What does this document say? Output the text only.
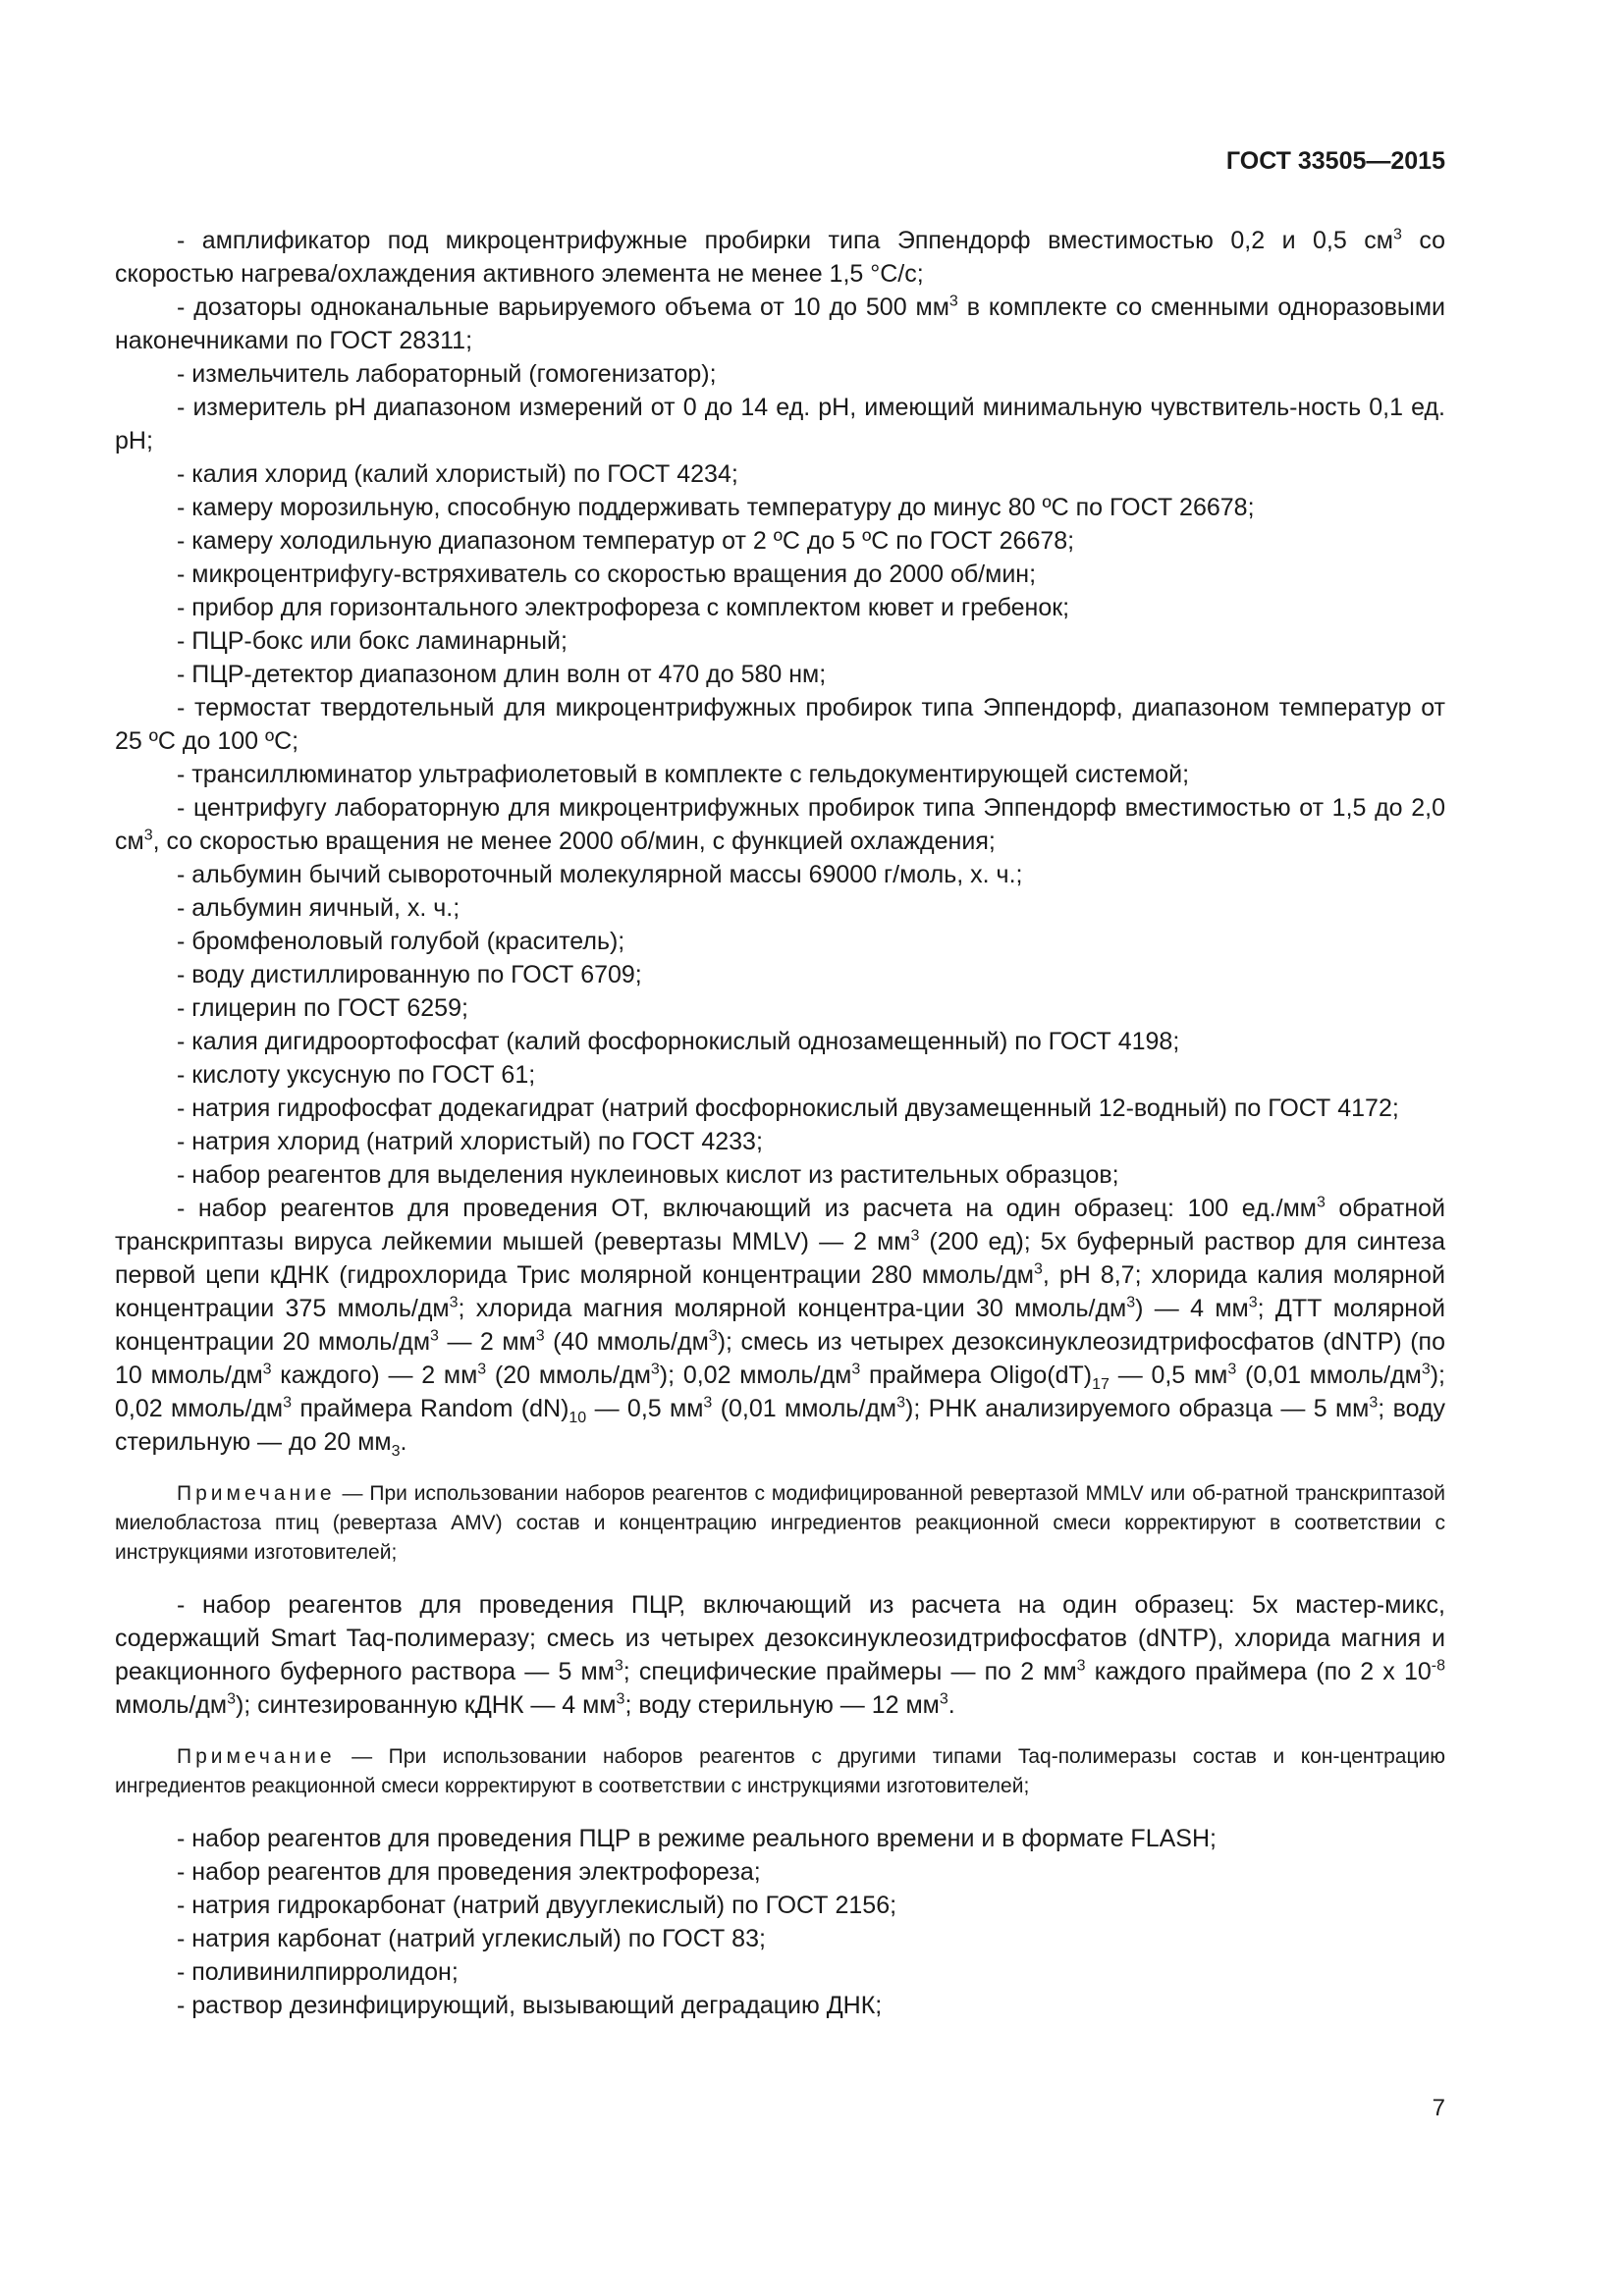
ГОСТ 33505—2015

- амплификатор под микроцентрифужные пробирки типа Эппендорф вместимостью 0,2 и 0,5 $см^3$ со скоростью нагрева/охлаждения активного элемента не менее 1,5 °С/с;

- дозаторы одноканальные варьируемого объема от 10 до 500 $мм^3$ в комплекте со сменными одноразовыми наконечниками по ГОСТ 28311;

- измельчитель лабораторный (гомогенизатор);

- измеритель рН диапазоном измерений от 0 до 14 ед. рН, имеющий минимальную чувствитель-ность 0,1 ед. рН;

- калия хлорид (калий хлористый) по ГОСТ 4234;

- камеру морозильную, способную поддерживать температуру до минус 80 ºС по ГОСТ 26678;

- камеру холодильную диапазоном температур от 2 ºС до 5 ºС по ГОСТ 26678;

- микроцентрифугу-встряхиватель со скоростью вращения до 2000 об/мин;

- прибор для горизонтального электрофореза с комплектом кювет и гребенок;

- ПЦР-бокс или бокс ламинарный;

- ПЦР-детектор диапазоном длин волн от 470 до 580 нм;

- термостат твердотельный для микроцентрифужных пробирок типа Эппендорф, диапазоном температур от 25 ºС до 100 ºС;

- трансиллюминатор ультрафиолетовый в комплекте с гельдокументирующей системой;

- центрифугу лабораторную для микроцентрифужных пробирок типа Эппендорф вместимостью от 1,5 до 2,0 $см^3$, со скоростью вращения не менее 2000 об/мин, с функцией охлаждения;

- альбумин бычий сывороточный молекулярной массы 69000 г/моль, х. ч.;

- альбумин яичный, х. ч.;

- бромфеноловый голубой (краситель);

- воду дистиллированную по ГОСТ 6709;

- глицерин по ГОСТ 6259;

- калия дигидроортофосфат (калий фосфорнокислый однозамещенный) по ГОСТ 4198;

- кислоту уксусную по ГОСТ 61;

- натрия гидрофосфат додекагидрат (натрий фосфорнокислый двузамещенный 12-водный) по ГОСТ 4172;

- натрия хлорид (натрий хлористый) по ГОСТ 4233;

- набор реагентов для выделения нуклеиновых кислот из растительных образцов;

- набор реагентов для проведения ОТ, включающий из расчета на один образец: 100 $ед./мм^3$ обратной транскриптазы вируса лейкемии мышей (ревертазы MMLV) — 2 $мм^3$ (200 ед); 5х буферный раствор для синтеза первой цепи кДНК (гидрохлорида Трис молярной концентрации 280 ммоль/$дм^3$, рН 8,7; хлорида калия молярной концентрации 375 ммоль/$дм^3$; хлорида магния молярной концентра-ции 30 ммоль/$дм^3$) — 4 $мм^3$; ДТТ молярной концентрации 20 ммоль/$дм^3$ — 2 $мм^3$ (40 ммоль/$дм^3$); смесь из четырех дезоксинуклеозидтрифосфатов (dNTP) (по 10 ммоль/$дм^3$ каждого) — 2 $мм^3$ (20 ммоль/$дм^3$); 0,02 ммоль/$дм^3$ праймера $Oligo(dT)_{17}$ — 0,5 $мм^3$ (0,01 ммоль/$дм^3$); 0,02 ммоль/$дм^3$ праймера Random $(dN)_{10}$ — 0,5 $мм^3$ (0,01 ммоль/$дм^3$); РНК анализируемого образца — 5 $мм^3$; воду стерильную — до 20 $мм_3$.

Примечание — При использовании наборов реагентов с модифицированной ревертазой MMLV или об-ратной транскриптазой миелобластоза птиц (ревертаза AMV) состав и концентрацию ингредиентов реакционной смеси корректируют в соответствии с инструкциями изготовителей;

- набор реагентов для проведения ПЦР, включающий из расчета на один образец: 5х мастер-микс, содержащий Smart Taq-полимеразу; смесь из четырех дезоксинуклеозидтрифосфатов (dNTP), хлорида магния и реакционного буферного раствора — 5 $мм^3$; специфические праймеры — по 2 $мм^3$ каждого праймера (по 2 х $10^{-8}$ ммоль/$дм^3$); синтезированную кДНК — 4 $мм^3$; воду стерильную — 12 $мм^3$.

Примечание — При использовании наборов реагентов с другими типами Taq-полимеразы состав и кон-центрацию ингредиентов реакционной смеси корректируют в соответствии с инструкциями изготовителей;

- набор реагентов для проведения ПЦР в режиме реального времени и в формате FLASH;

- набор реагентов для проведения электрофореза;

- натрия гидрокарбонат (натрий двууглекислый) по ГОСТ 2156;

- натрия карбонат (натрий углекислый) по ГОСТ 83;

- поливинилпирролидон;

- раствор дезинфицирующий, вызывающий деградацию ДНК;

7
